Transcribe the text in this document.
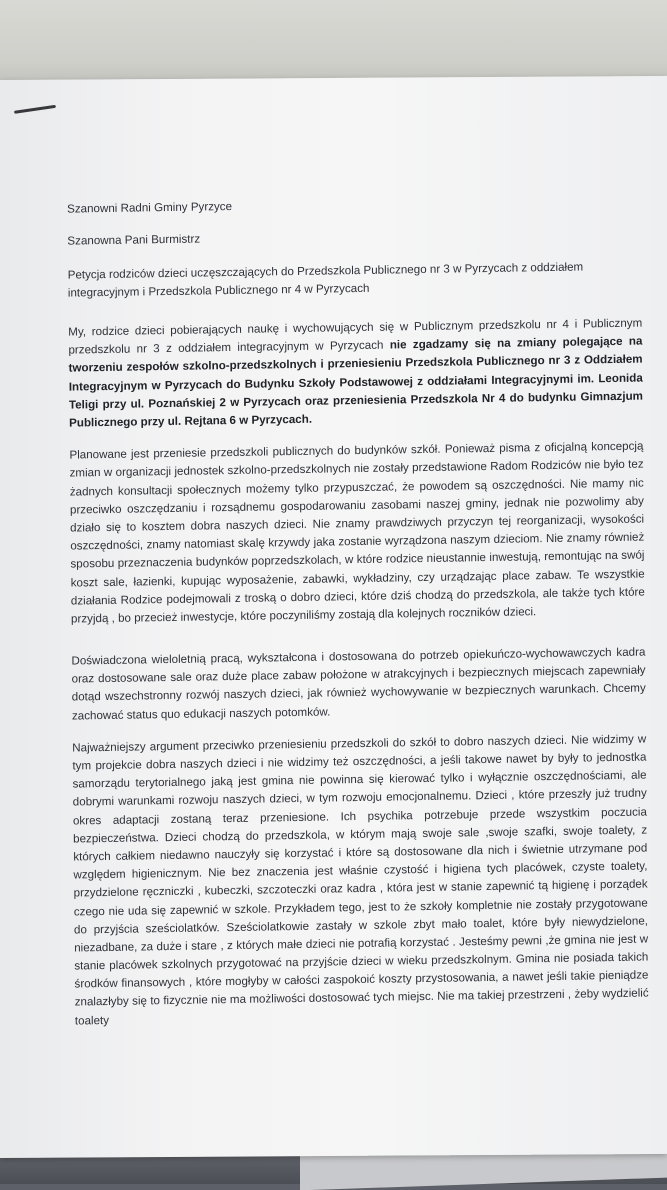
Szanowni Radni Gminy Pyrzyce
Szanowna Pani Burmistrz
Petycja rodziców dzieci uczęszczających do Przedszkola Publicznego nr 3 w Pyrzycach z oddziałem integracyjnym i Przedszkola Publicznego nr 4 w Pyrzycach

My, rodzice dzieci pobierających naukę i wychowujących się w Publicznym przedszkolu nr 4 i Publicznym przedszkolu nr 3 z oddziałem integracyjnym w Pyrzycach nie zgadzamy się na zmiany polegające na tworzeniu zespołów szkolno-przedszkolnych i przeniesieniu Przedszkola Publicznego nr 3 z Oddziałem Integracyjnym w Pyrzycach do Budynku Szkoły Podstawowej z oddziałami Integracyjnymi im. Leonida Teligi przy ul. Poznańskiej 2 w Pyrzycach oraz przeniesienia Przedszkola Nr 4 do budynku Gimnazjum Publicznego przy ul. Rejtana 6 w Pyrzycach.

Planowane jest przeniesie przedszkoli publicznych do budynków szkół. Ponieważ pisma z oficjalną koncepcją zmian w organizacji jednostek szkolno-przedszkolnych nie zostały przedstawione Radom Rodziców nie było tez żadnych konsultacji społecznych możemy tylko przypuszczać, że powodem są oszczędności. Nie mamy nic przeciwko oszczędzaniu i rozsądnemu gospodarowaniu zasobami naszej gminy, jednak nie pozwolimy aby działo się to kosztem dobra naszych dzieci. Nie znamy prawdziwych przyczyn tej reorganizacji, wysokości oszczędności, znamy natomiast skalę krzywdy jaka zostanie wyrządzona naszym dzieciom. Nie znamy również sposobu przeznaczenia budynków poprzedszkolach, w które rodzice nieustannie inwestują, remontując na swój koszt sale, łazienki, kupując wyposażenie, zabawki, wykładziny, czy urządzając place zabaw. Te wszystkie działania Rodzice podejmowali z troską o dobro dzieci, które dziś chodzą do przedszkola, ale także tych które przyjdą , bo przecież inwestycje, które poczyniliśmy zostają dla kolejnych roczników dzieci.

Doświadczona wieloletnią pracą, wykształcona i dostosowana do potrzeb opiekuńczo-wychowawczych kadra oraz dostosowane sale oraz duże place zabaw położone w atrakcyjnych i bezpiecznych miejscach zapewniały dotąd wszechstronny rozwój naszych dzieci, jak również wychowywanie w bezpiecznych warunkach. Chcemy zachować status quo edukacji naszych potomków.

Najważniejszy argument przeciwko przeniesieniu przedszkoli do szkół to dobro naszych dzieci. Nie widzimy w tym projekcie dobra naszych dzieci i nie widzimy też oszczędności, a jeśli takowe nawet by były to jednostka samorządu terytorialnego jaką jest gmina nie powinna się kierować tylko i wyłącznie oszczędnościami, ale dobrymi warunkami rozwoju naszych dzieci, w tym rozwoju emocjonalnemu. Dzieci , które przeszły już trudny okres adaptacji zostaną teraz przeniesione. Ich psychika potrzebuje przede wszystkim poczucia bezpieczeństwa. Dzieci chodzą do przedszkola, w którym mają swoje sale ,swoje szafki, swoje toalety, z których całkiem niedawno nauczyły się korzystać i które są dostosowane dla nich i świetnie utrzymane pod względem higienicznym. Nie bez znaczenia jest właśnie czystość i higiena tych placówek, czyste toalety, przydzielone ręczniczki , kubeczki, szczoteczki oraz kadra , która jest w stanie zapewnić tą higienę i porządek czego nie uda się zapewnić w szkole. Przykładem tego, jest to że szkoły kompletnie nie zostały przygotowane do przyjścia sześciolatków. Sześciolatkowie zastały w szkole zbyt mało toalet, które były niewydzielone, niezadbane, za duże i stare , z których małe dzieci nie potrafią korzystać . Jesteśmy pewni ,że gmina nie jest w stanie placówek szkolnych przygotować na przyjście dzieci w wieku przedszkolnym. Gmina nie posiada takich środków finansowych , które mogłyby w całości zaspokoić koszty przystosowania, a nawet jeśli takie pieniądze znalazłyby się to fizycznie nie ma możliwości dostosować tych miejsc. Nie ma takiej przestrzeni , żeby wydzielić toalety
